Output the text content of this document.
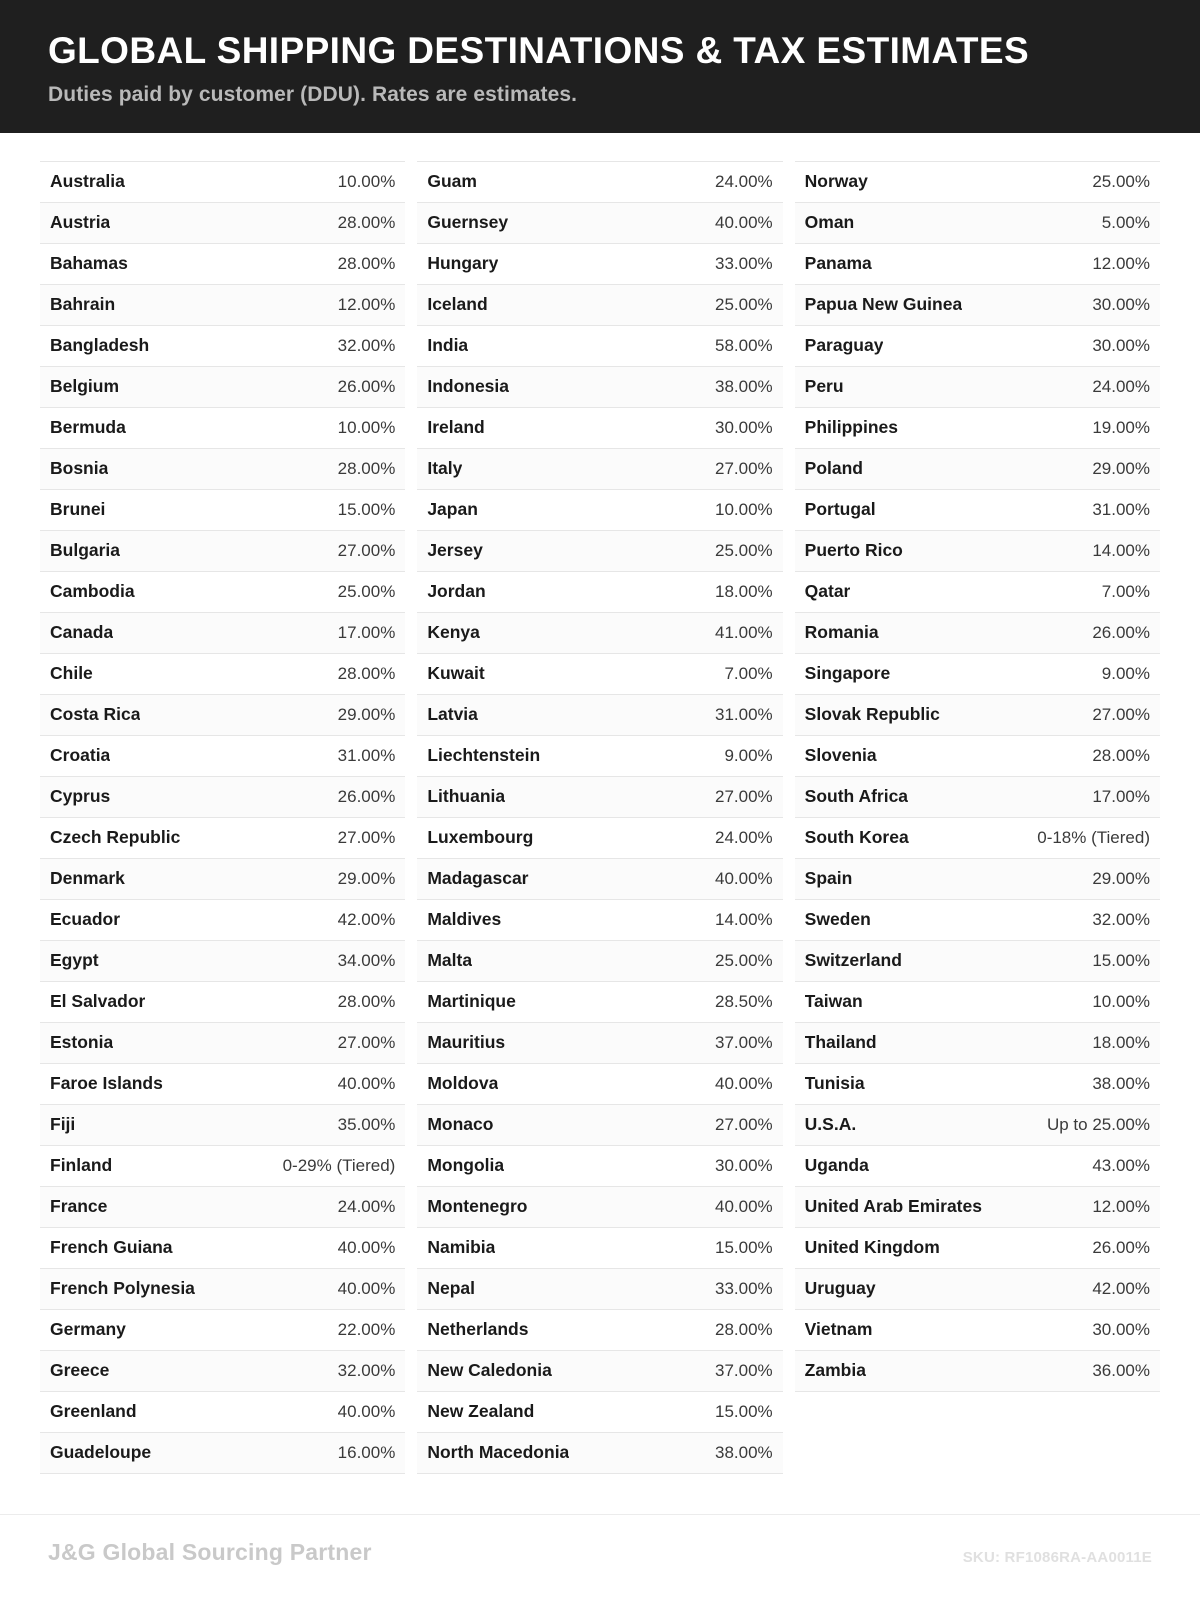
GLOBAL SHIPPING DESTINATIONS & TAX ESTIMATES

Duties paid by customer (DDU). Rates are estimates.

Australia	10.00%
Austria	28.00%
Bahamas	28.00%
Bahrain	12.00%
Bangladesh	32.00%
Belgium	26.00%
Bermuda	10.00%
Bosnia	28.00%
Brunei	15.00%
Bulgaria	27.00%
Cambodia	25.00%
Canada	17.00%
Chile	28.00%
Costa Rica	29.00%
Croatia	31.00%
Cyprus	26.00%
Czech Republic	27.00%
Denmark	29.00%
Ecuador	42.00%
Egypt	34.00%
El Salvador	28.00%
Estonia	27.00%
Faroe Islands	40.00%
Fiji	35.00%
Finland	0-29% (Tiered)
France	24.00%
French Guiana	40.00%
French Polynesia	40.00%
Germany	22.00%
Greece	32.00%
Greenland	40.00%
Guadeloupe	16.00%
Guam	24.00%
Guernsey	40.00%
Hungary	33.00%
Iceland	25.00%
India	58.00%
Indonesia	38.00%
Ireland	30.00%
Italy	27.00%
Japan	10.00%
Jersey	25.00%
Jordan	18.00%
Kenya	41.00%
Kuwait	7.00%
Latvia	31.00%
Liechtenstein	9.00%
Lithuania	27.00%
Luxembourg	24.00%
Madagascar	40.00%
Maldives	14.00%
Malta	25.00%
Martinique	28.50%
Mauritius	37.00%
Moldova	40.00%
Monaco	27.00%
Mongolia	30.00%
Montenegro	40.00%
Namibia	15.00%
Nepal	33.00%
Netherlands	28.00%
New Caledonia	37.00%
New Zealand	15.00%
North Macedonia	38.00%
Norway	25.00%
Oman	5.00%
Panama	12.00%
Papua New Guinea	30.00%
Paraguay	30.00%
Peru	24.00%
Philippines	19.00%
Poland	29.00%
Portugal	31.00%
Puerto Rico	14.00%
Qatar	7.00%
Romania	26.00%
Singapore	9.00%
Slovak Republic	27.00%
Slovenia	28.00%
South Africa	17.00%
South Korea	0-18% (Tiered)
Spain	29.00%
Sweden	32.00%
Switzerland	15.00%
Taiwan	10.00%
Thailand	18.00%
Tunisia	38.00%
U.S.A.	Up to 25.00%
Uganda	43.00%
United Arab Emirates	12.00%
United Kingdom	26.00%
Uruguay	42.00%
Vietnam	30.00%
Zambia	36.00%
J&G Global Sourcing Partner	SKU: RF1086RA-AA0011E
